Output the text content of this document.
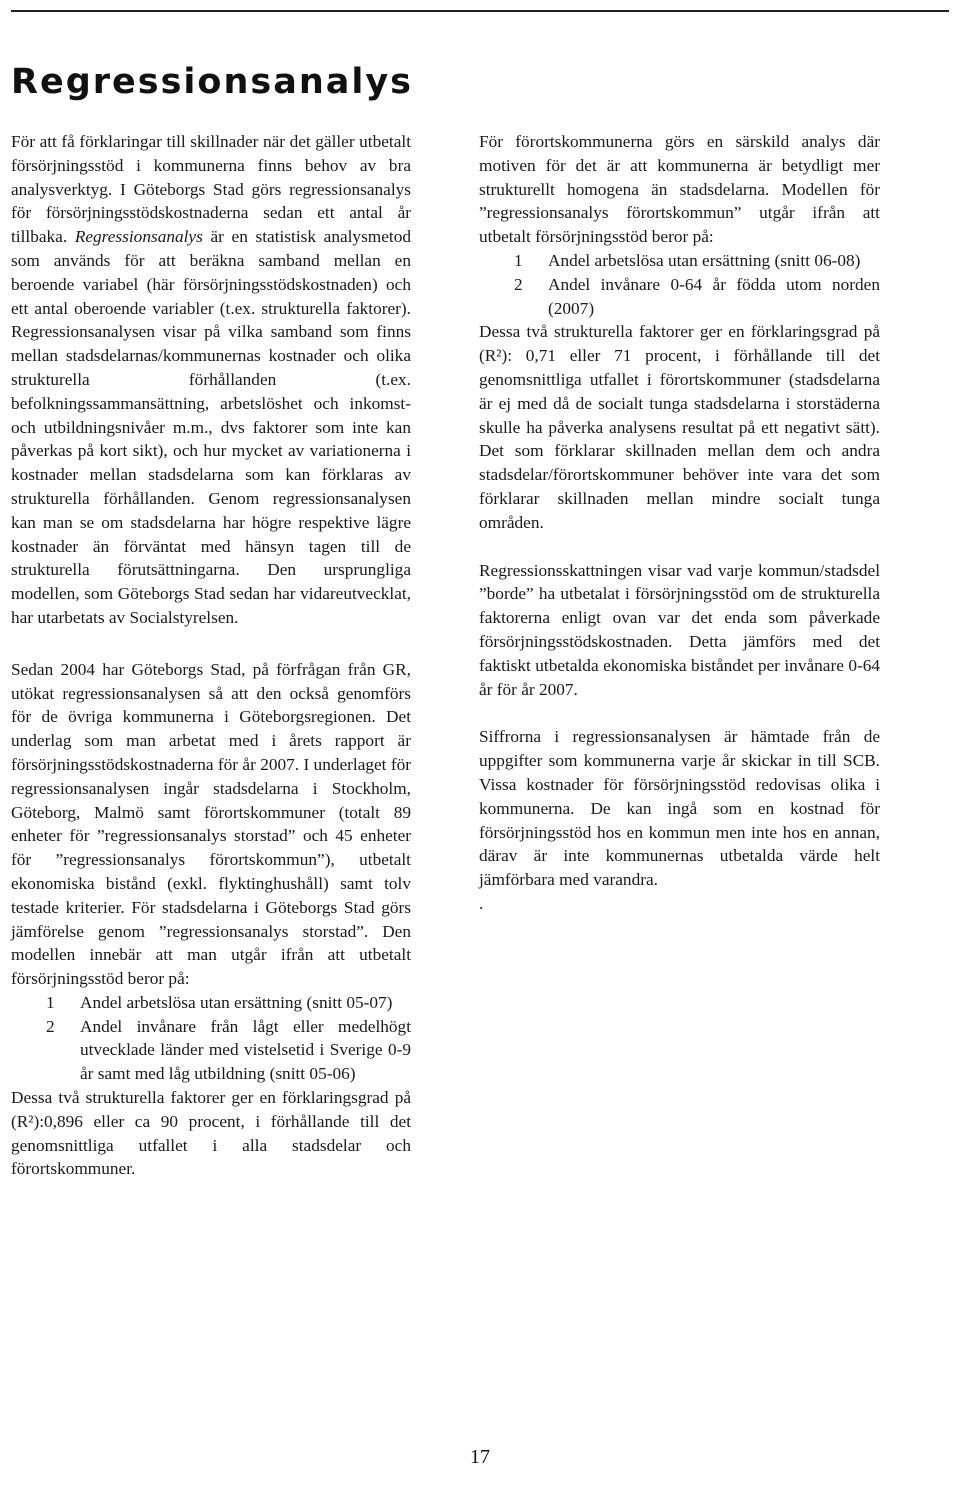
Regressionsanalys

För att få förklaringar till skillnader när det gäller utbetalt försörjningsstöd i kommunerna finns behov av bra analysverktyg. I Göteborgs Stad görs regressionsanalys för försörjningsstödskostnaderna sedan ett antal år tillbaka. Regressionsanalys är en statistisk analysmetod som används för att beräkna samband mellan en beroende variabel (här försörjningsstödskostnaden) och ett antal oberoende variabler (t.ex. strukturella faktorer). Regressionsanalysen visar på vilka samband som finns mellan stadsdelarnas/kommunernas kostnader och olika strukturella förhållanden (t.ex. befolkningssammansättning, arbetslöshet och inkomst- och utbildningsnivåer m.m., dvs faktorer som inte kan påverkas på kort sikt), och hur mycket av variationerna i kostnader mellan stadsdelarna som kan förklaras av strukturella förhållanden. Genom regressionsanalysen kan man se om stadsdelarna har högre respektive lägre kostnader än förväntat med hänsyn tagen till de strukturella förutsättningarna. Den ursprungliga modellen, som Göteborgs Stad sedan har vidareutvecklat, har utarbetats av Socialstyrelsen.

Sedan 2004 har Göteborgs Stad, på förfrågan från GR, utökat regressionsanalysen så att den också genomförs för de övriga kommunerna i Göteborgsregionen. Det underlag som man arbetat med i årets rapport är försörjningsstödskostnaderna för år 2007. I underlaget för regressionsanalysen ingår stadsdelarna i Stockholm, Göteborg, Malmö samt förortskommuner (totalt 89 enheter för ”regressionsanalys storstad” och 45 enheter för ”regressionsanalys förortskommun”), utbetalt ekonomiska bistånd (exkl. flyktinghushåll) samt tolv testade kriterier. För stadsdelarna i Göteborgs Stad görs jämförelse genom ”regressionsanalys storstad”. Den modellen innebär att man utgår ifrån att utbetalt försörjningsstöd beror på:

1 Andel arbetslösa utan ersättning (snitt 05-07)
2 Andel invånare från lågt eller medelhögt utvecklade länder med vistelsetid i Sverige 0-9 år samt med låg utbildning (snitt 05-06)

Dessa två strukturella faktorer ger en förklaringsgrad på (R²):0,896 eller ca 90 procent, i förhållande till det genomsnittliga utfallet i alla stadsdelar och förortskommuner.

För förortskommunerna görs en särskild analys där motiven för det är att kommunerna är betydligt mer strukturellt homogena än stadsdelarna. Modellen för ”regressionsanalys förortskommun” utgår ifrån att utbetalt försörjningsstöd beror på:

1 Andel arbetslösa utan ersättning (snitt 06-08)
2 Andel invånare 0-64 år födda utom norden (2007)

Dessa två strukturella faktorer ger en förklaringsgrad på (R²): 0,71 eller 71 procent, i förhållande till det genomsnittliga utfallet i förortskommuner (stadsdelarna är ej med då de socialt tunga stadsdelarna i storstäderna skulle ha påverka analysens resultat på ett negativt sätt). Det som förklarar skillnaden mellan dem och andra stadsdelar/förortskommuner behöver inte vara det som förklarar skillnaden mellan mindre socialt tunga områden.

Regressionsskattningen visar vad varje kommun/stadsdel ”borde” ha utbetalat i försörjningsstöd om de strukturella faktorerna enligt ovan var det enda som påverkade försörjningsstödskostnaden. Detta jämförs med det faktiskt utbetalda ekonomiska biståndet per invånare 0-64 år för år 2007.

Siffrorna i regressionsanalysen är hämtade från de uppgifter som kommunerna varje år skickar in till SCB. Vissa kostnader för försörjningsstöd redovisas olika i kommunerna. De kan ingå som en kostnad för försörjningsstöd hos en kommun men inte hos en annan, därav är inte kommunernas utbetalda värde helt jämförbara med varandra.

.

17
